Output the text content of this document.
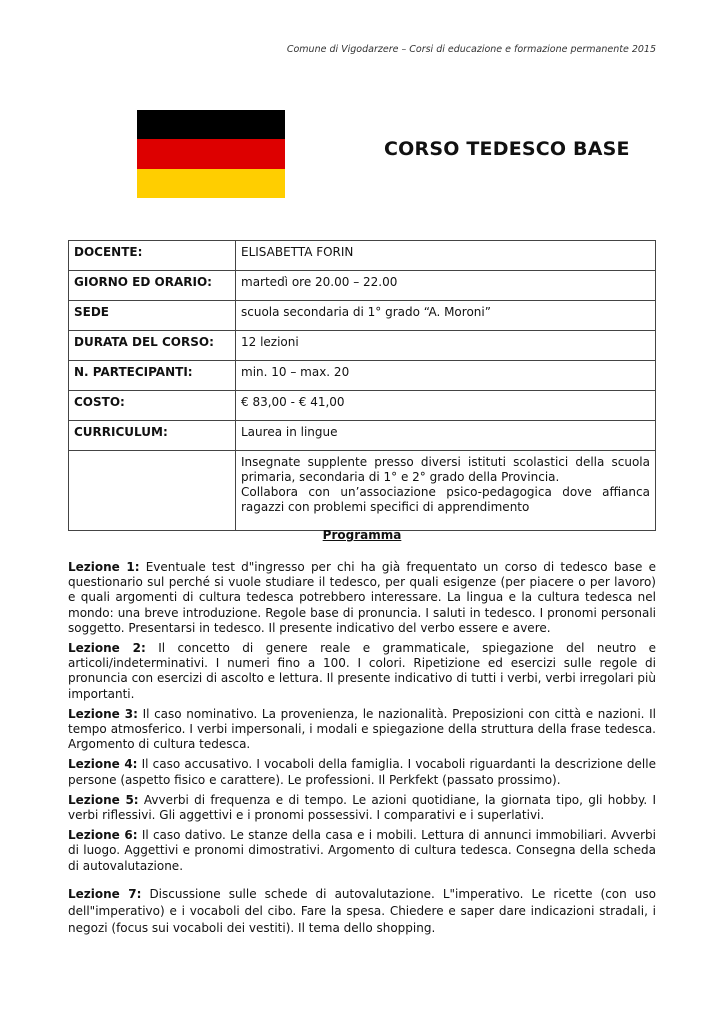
Comune di Vigodarzere – Corsi di educazione e formazione permanente 2015
CORSO TEDESCO BASE
DOCENTE:	ELISABETTA FORIN
GIORNO ED ORARIO:	martedì ore 20.00 – 22.00
SEDE	scuola secondaria di 1° grado “A. Moroni”
DURATA DEL CORSO:	12 lezioni
N. PARTECIPANTI:	min. 10 – max. 20
COSTO:	€ 83,00 - € 41,00
CURRICULUM:	Laurea in lingue

	Insegnate supplente presso diversi istituti scolastici della scuola primaria, secondaria di 1° e 2° grado della Provincia.

Collabora con un’associazione psico-pedagogica dove affianca ragazzi con problemi specifici di apprendimento

Programma

Lezione 1: Eventuale test d"ingresso per chi ha già frequentato un corso di tedesco base e questionario sul perché si vuole studiare il tedesco, per quali esigenze (per piacere o per lavoro) e quali argomenti di cultura tedesca potrebbero interessare. La lingua e la cultura tedesca nel mondo: una breve introduzione. Regole base di pronuncia. I saluti in tedesco. I pronomi personali soggetto. Presentarsi in tedesco. Il presente indicativo del verbo essere e avere.

Lezione 2: Il concetto di genere reale e grammaticale, spiegazione del neutro e articoli/indeterminativi. I numeri fino a 100. I colori. Ripetizione ed esercizi sulle regole di pronuncia con esercizi di ascolto e lettura. Il presente indicativo di tutti i verbi, verbi irregolari più importanti.

Lezione 3: Il caso nominativo. La provenienza, le nazionalità. Preposizioni con città e nazioni. Il tempo atmosferico. I verbi impersonali, i modali e spiegazione della struttura della frase tedesca. Argomento di cultura tedesca.

Lezione 4: Il caso accusativo. I vocaboli della famiglia. I vocaboli riguardanti la descrizione delle persone (aspetto fisico e carattere). Le professioni. Il Perkfekt (passato prossimo).

Lezione 5: Avverbi di frequenza e di tempo. Le azioni quotidiane, la giornata tipo, gli hobby. I verbi riflessivi. Gli aggettivi e i pronomi possessivi. I comparativi e i superlativi.

Lezione 6: Il caso dativo. Le stanze della casa e i mobili. Lettura di annunci immobiliari. Avverbi di luogo. Aggettivi e pronomi dimostrativi. Argomento di cultura tedesca. Consegna della scheda di autovalutazione.

Lezione 7: Discussione sulle schede di autovalutazione. L"imperativo. Le ricette (con uso dell"imperativo) e i vocaboli del cibo. Fare la spesa. Chiedere e saper dare indicazioni stradali, i negozi (focus sui vocaboli dei vestiti). Il tema dello shopping.
